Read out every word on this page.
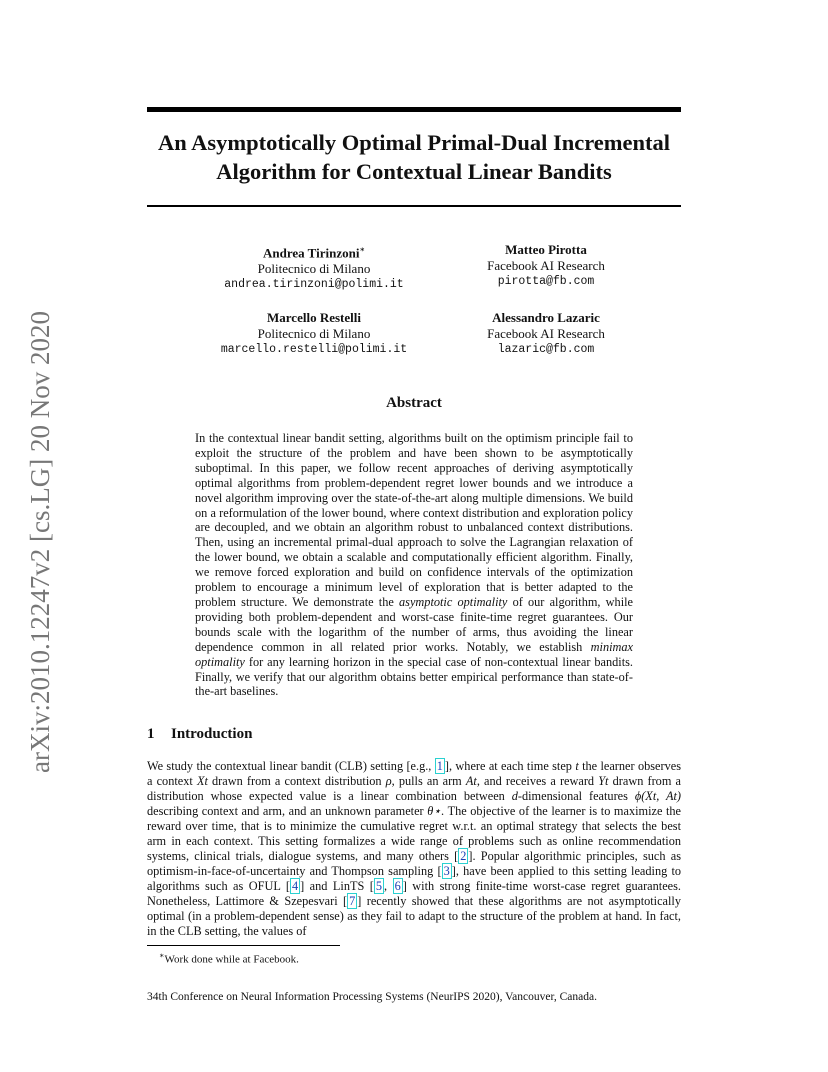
arXiv:2010.12247v2 [cs.LG] 20 Nov 2020
An Asymptotically Optimal Primal-Dual Incremental Algorithm for Contextual Linear Bandits
Andrea Tirinzoni∗
Politecnico di Milano
andrea.tirinzoni@polimi.it
Matteo Pirotta
Facebook AI Research
pirotta@fb.com
Marcello Restelli
Politecnico di Milano
marcello.restelli@polimi.it
Alessandro Lazaric
Facebook AI Research
lazaric@fb.com
Abstract

In the contextual linear bandit setting, algorithms built on the optimism principle fail to exploit the structure of the problem and have been shown to be asymptotically suboptimal. In this paper, we follow recent approaches of deriving asymptotically optimal algorithms from problem-dependent regret lower bounds and we introduce a novel algorithm improving over the state-of-the-art along multiple dimensions. We build on a reformulation of the lower bound, where context distribution and exploration policy are decoupled, and we obtain an algorithm robust to unbalanced context distributions. Then, using an incremental primal-dual approach to solve the Lagrangian relaxation of the lower bound, we obtain a scalable and computationally efficient algorithm. Finally, we remove forced exploration and build on confidence intervals of the optimization problem to encourage a minimum level of exploration that is better adapted to the problem structure. We demonstrate the asymptotic optimality of our algorithm, while providing both problem-dependent and worst-case finite-time regret guarantees. Our bounds scale with the logarithm of the number of arms, thus avoiding the linear dependence common in all related prior works. Notably, we establish minimax optimality for any learning horizon in the special case of non-contextual linear bandits. Finally, we verify that our algorithm obtains better empirical performance than state-of-the-art baselines.

1 Introduction

We study the contextual linear bandit (CLB) setting [e.g., 1 ], where at each time step t the learner observes a context Xt drawn from a context distribution ρ, pulls an arm At, and receives a reward Yt drawn from a distribution whose expected value is a linear combination between d-dimensional features ϕ(Xt, At) describing context and arm, and an unknown parameter θ⋆. The objective of the learner is to maximize the reward over time, that is to minimize the cumulative regret w.r.t. an optimal strategy that selects the best arm in each context. This setting formalizes a wide range of problems such as online recommendation systems, clinical trials, dialogue systems, and many others [ 2 ]. Popular algorithmic principles, such as optimism-in-face-of-uncertainty and Thompson sampling [ 3 ], have been applied to this setting leading to algorithms such as OFUL [ 4 ] and LinTS [ 5 , 6 ] with strong finite-time worst-case regret guarantees. Nonetheless, Lattimore & Szepesvari [ 7 ] recently showed that these algorithms are not asymptotically optimal (in a problem-dependent sense) as they fail to adapt to the structure of the problem at hand. In fact, in the CLB setting, the values of

∗Work done while at Facebook.

34th Conference on Neural Information Processing Systems (NeurIPS 2020), Vancouver, Canada.
